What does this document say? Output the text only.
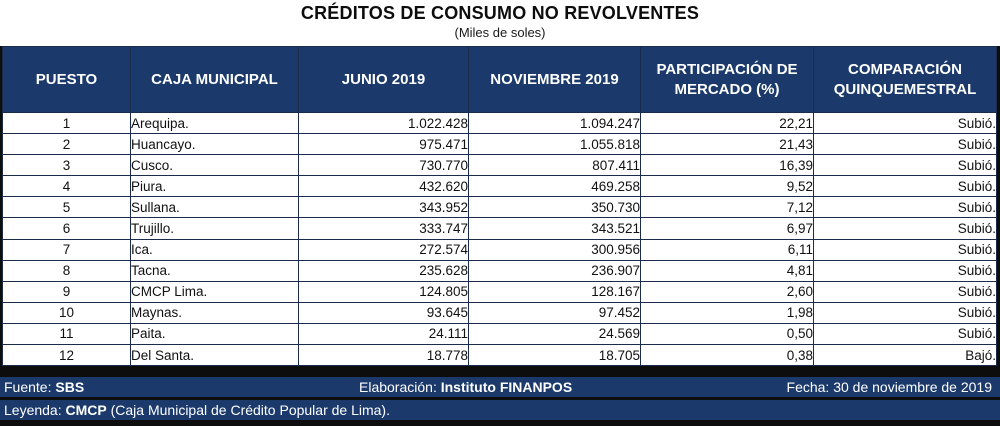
CRÉDITOS DE CONSUMO NO REVOLVENTES
(Miles de soles)
PUESTO	CAJA MUNICIPAL	JUNIO 2019	NOVIEMBRE 2019	PARTICIPACIÓN DE MERCADO (%)	COMPARACIÓN QUINQUEMESTRAL
1	Arequipa.	1.022.428	1.094.247	22,21	Subió.
2	Huancayo.	975.471	1.055.818	21,43	Subió.
3	Cusco.	730.770	807.411	16,39	Subió.
4	Piura.	432.620	469.258	9,52	Subió.
5	Sullana.	343.952	350.730	7,12	Subió.
6	Trujillo.	333.747	343.521	6,97	Subió.
7	Ica.	272.574	300.956	6,11	Subió.
8	Tacna.	235.628	236.907	4,81	Subió.
9	CMCP Lima.	124.805	128.167	2,60	Subió.
10	Maynas.	93.645	97.452	1,98	Subió.
11	Paita.	24.111	24.569	0,50	Subió.
12	Del Santa.	18.778	18.705	0,38	Bajó.
Fuente: SBS	Elaboración: Instituto FINANPOS	Fecha: 30 de noviembre de 2019
Leyenda: CMCP (Caja Municipal de Crédito Popular de Lima).
